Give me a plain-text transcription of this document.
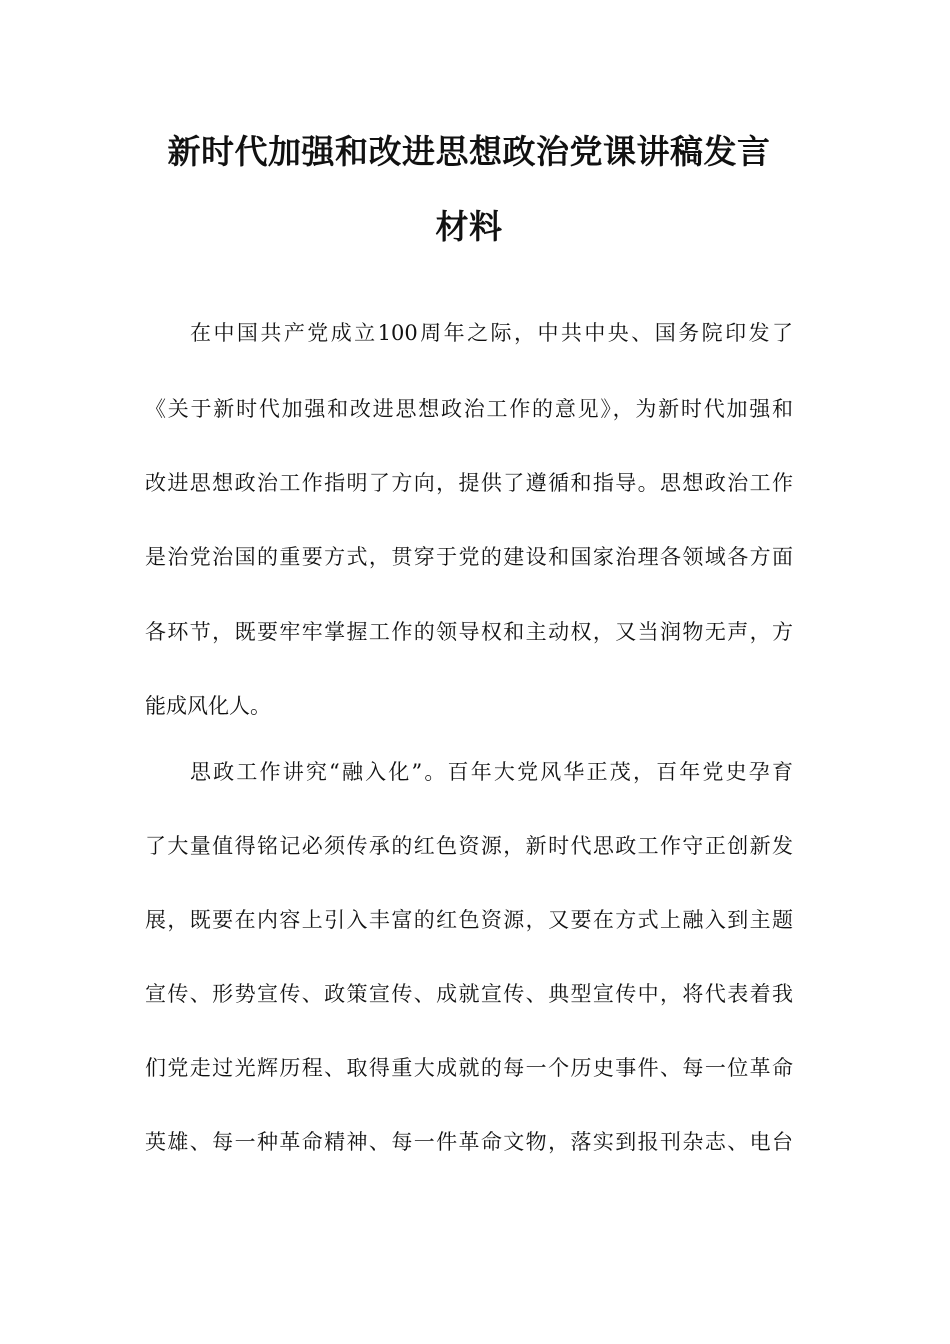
新时代加强和改进思想政治党课讲稿发言
材料
在中国共产党成立100周年之际，中共中央、国务院印发了
《关于新时代加强和改进思想政治工作的意见》，为新时代加强和
改进思想政治工作指明了方向，提供了遵循和指导。思想政治工作
是治党治国的重要方式，贯穿于党的建设和国家治理各领域各方面
各环节，既要牢牢掌握工作的领导权和主动权，又当润物无声，方
能成风化人。
思政工作讲究“融入化”。百年大党风华正茂，百年党史孕育
了大量值得铭记必须传承的红色资源，新时代思政工作守正创新发
展，既要在内容上引入丰富的红色资源，又要在方式上融入到主题
宣传、形势宣传、政策宣传、成就宣传、典型宣传中，将代表着我
们党走过光辉历程、取得重大成就的每一个历史事件、每一位革命
英雄、每一种革命精神、每一件革命文物，落实到报刊杂志、电台
